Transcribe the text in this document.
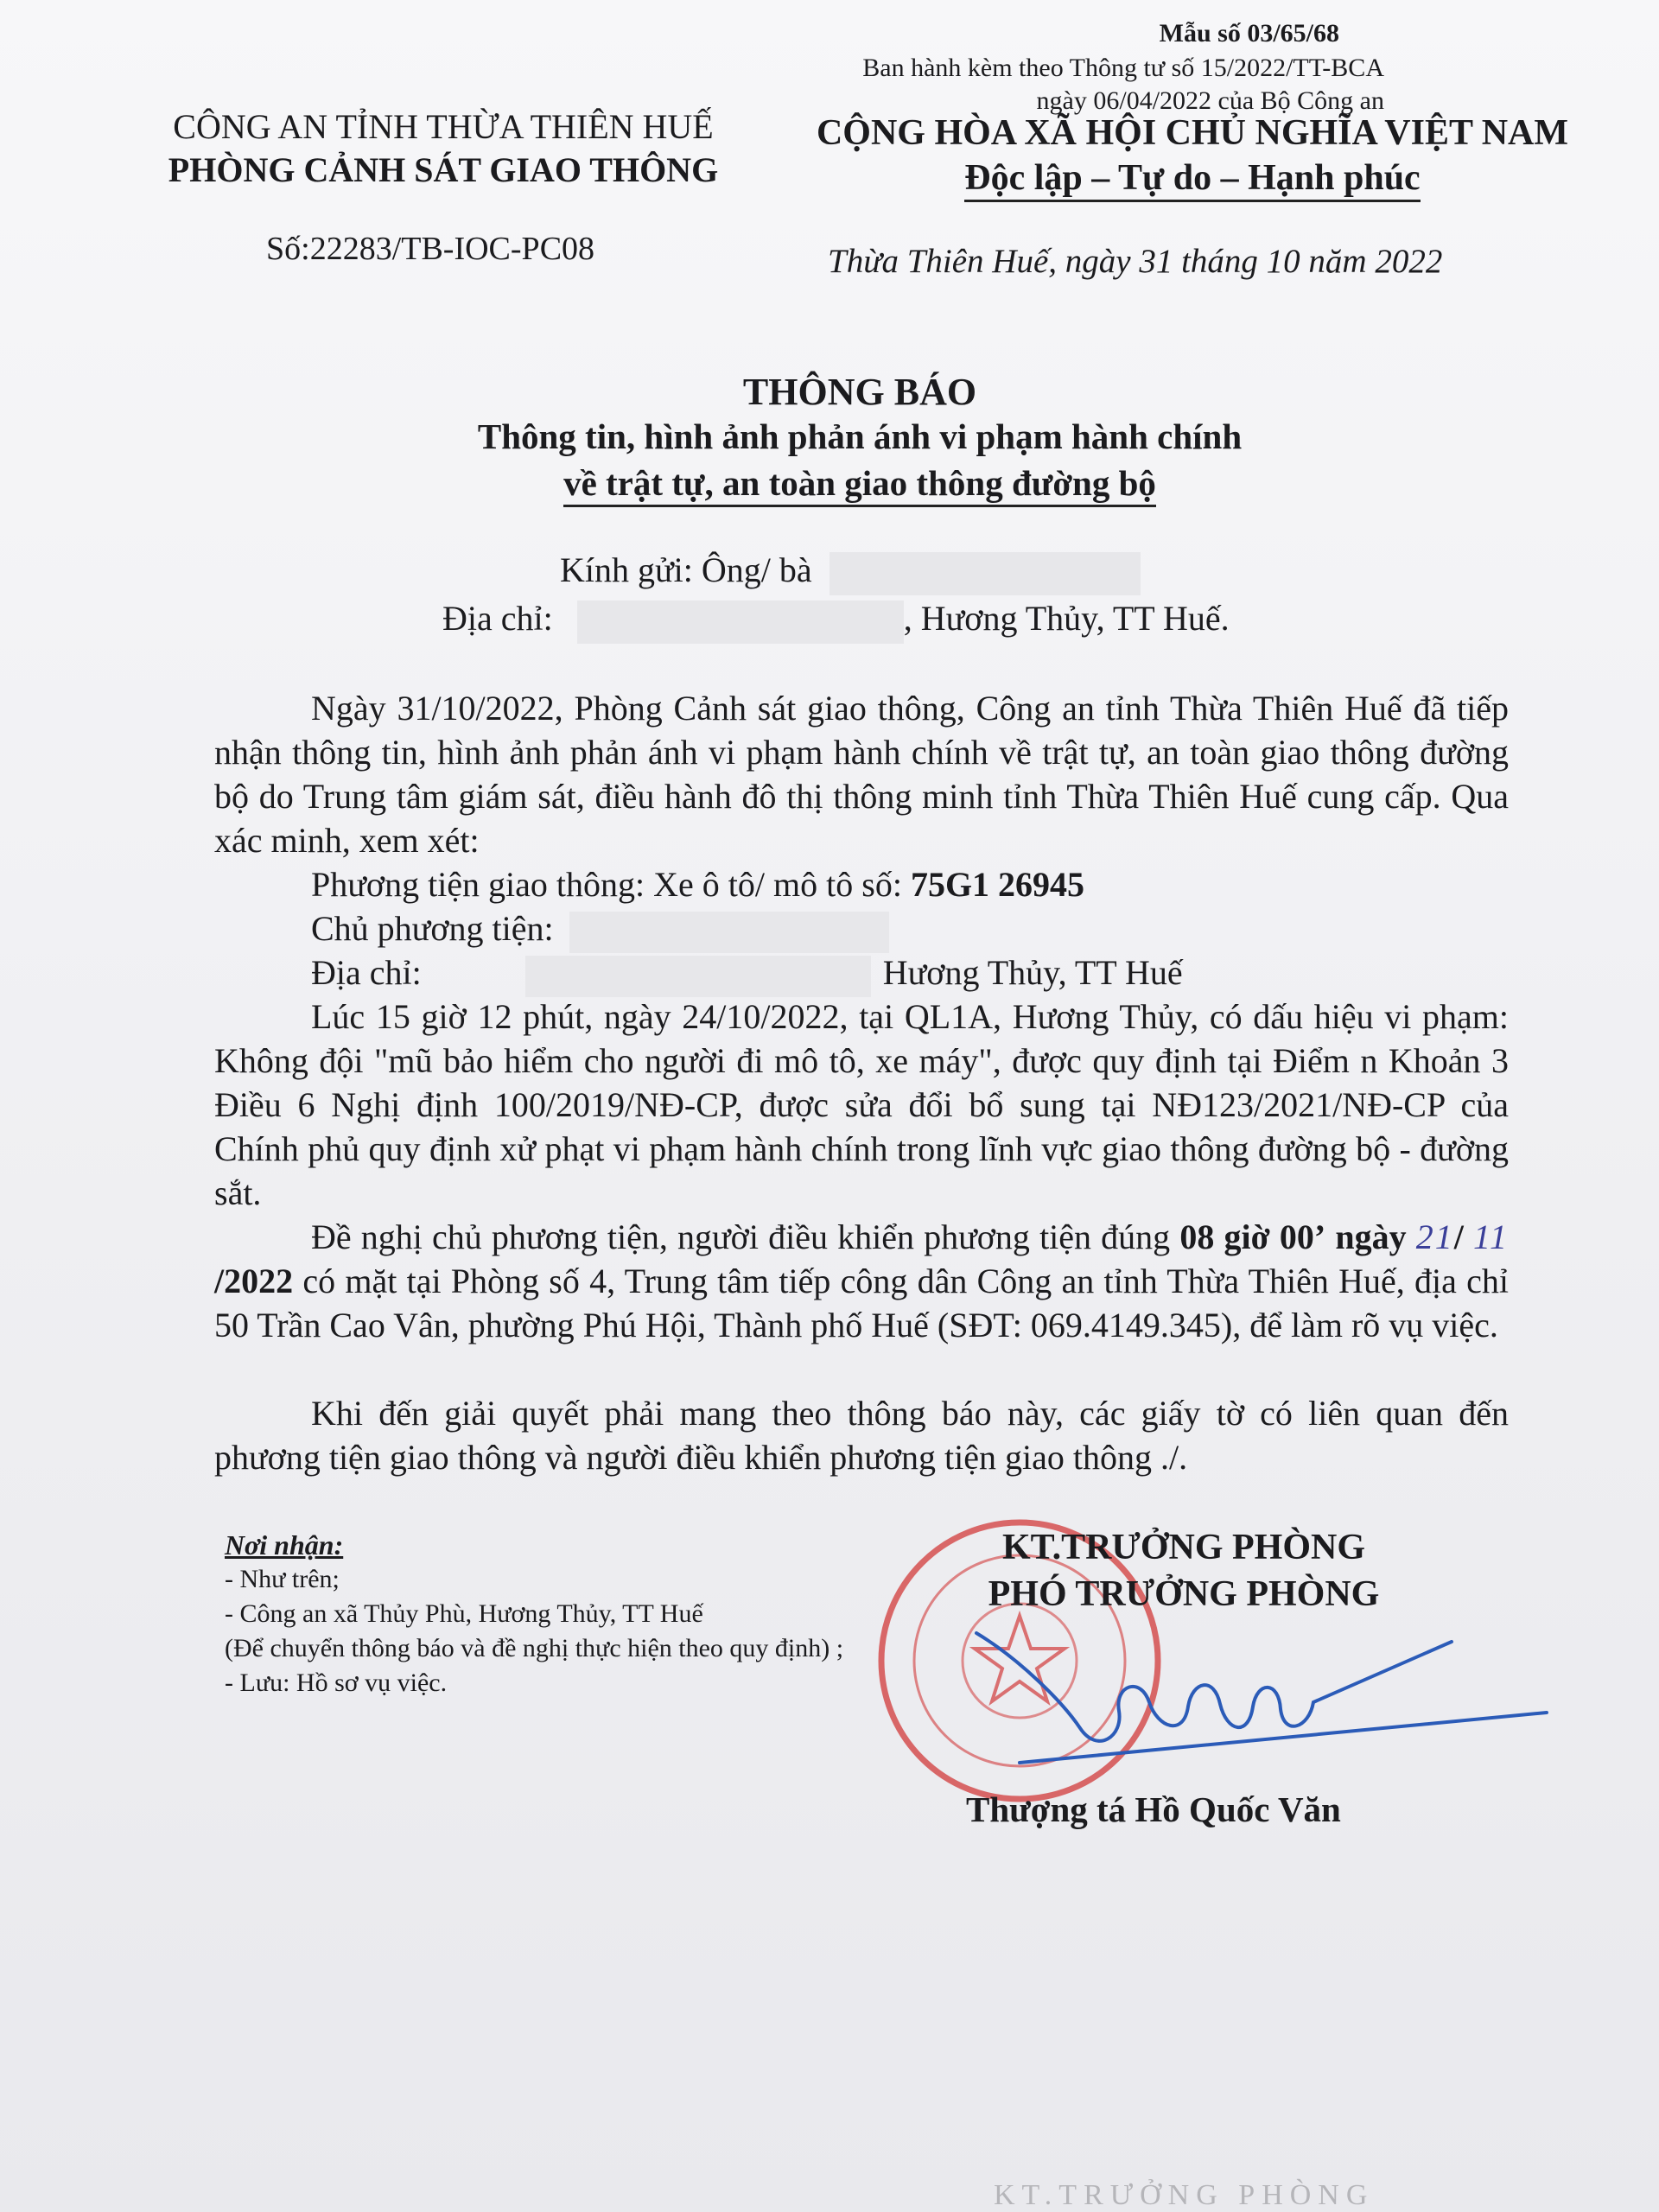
Mẫu số 03/65/68
Ban hành kèm theo Thông tư số 15/2022/TT-BCA
ngày 06/04/2022 của Bộ Công an
CÔNG AN TỈNH THỪA THIÊN HUẾ
PHÒNG CẢNH SÁT GIAO THÔNG
CỘNG HÒA XÃ HỘI CHỦ NGHĨA VIỆT NAM
Độc lập – Tự do – Hạnh phúc
Số:22283/TB-IOC-PC08	Thừa Thiên Huế, ngày 31 tháng 10 năm 2022
THÔNG BÁO
Thông tin, hình ảnh phản ánh vi phạm hành chính
về trật tự, an toàn giao thông đường bộ
Kính gửi: Ông/ bà
Địa chỉ:	, Hương Thủy, TT Huế.
Ngày 31/10/2022, Phòng Cảnh sát giao thông, Công an tỉnh Thừa Thiên Huế đã tiếp nhận thông tin, hình ảnh phản ánh vi phạm hành chính về trật tự, an toàn giao thông đường bộ do Trung tâm giám sát, điều hành đô thị thông minh tỉnh Thừa Thiên Huế cung cấp. Qua xác minh, xem xét:
Phương tiện giao thông: Xe ô tô/ mô tô số: 75G1 26945
Chủ phương tiện:
Địa chỉ:	Hương Thủy, TT Huế
Lúc 15 giờ 12 phút, ngày 24/10/2022, tại QL1A, Hương Thủy, có dấu hiệu vi phạm: Không đội "mũ bảo hiểm cho người đi mô tô, xe máy", được quy định tại Điểm n Khoản 3 Điều 6 Nghị định 100/2019/NĐ-CP, được sửa đổi bổ sung tại NĐ123/2021/NĐ-CP của Chính phủ quy định xử phạt vi phạm hành chính trong lĩnh vực giao thông đường bộ - đường sắt.
Đề nghị chủ phương tiện, người điều khiển phương tiện đúng 08 giờ 00’ ngày 21/ 11 /2022 có mặt tại Phòng số 4, Trung tâm tiếp công dân Công an tỉnh Thừa Thiên Huế, địa chỉ 50 Trần Cao Vân, phường Phú Hội, Thành phố Huế (SĐT: 069.4149.345), để làm rõ vụ việc.
Khi đến giải quyết phải mang theo thông báo này, các giấy tờ có liên quan đến phương tiện giao thông và người điều khiển phương tiện giao thông ./.
Nơi nhận:
- Như trên;
- Công an xã Thủy Phù, Hương Thủy, TT Huế
(Để chuyển thông báo và đề nghị thực hiện theo quy định) ;
- Lưu: Hồ sơ vụ việc.
KT.TRƯỞNG PHÒNG
PHÓ TRƯỞNG PHÒNG
Thượng tá Hồ Quốc Văn
KT.TRƯỞNG PHÒNG
